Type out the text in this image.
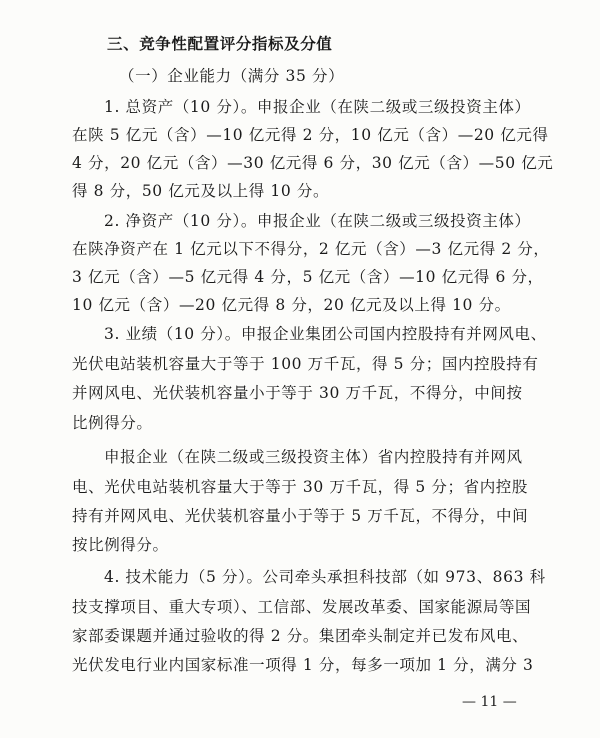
三、竞争性配置评分指标及分值
（一）企业能力（满分 35 分）
1. 总资产（10 分）。申报企业（在陕二级或三级投资主体）
在陕 5 亿元（含）—10 亿元得 2 分，10 亿元（含）—20 亿元得
4 分，20 亿元（含）—30 亿元得 6 分，30 亿元（含）—50 亿元
得 8 分，50 亿元及以上得 10 分。
2. 净资产（10 分）。申报企业（在陕二级或三级投资主体）
在陕净资产在 1 亿元以下不得分，2 亿元（含）—3 亿元得 2 分，
3 亿元（含）—5 亿元得 4 分，5 亿元（含）—10 亿元得 6 分，
10 亿元（含）—20 亿元得 8 分，20 亿元及以上得 10 分。
3. 业绩（10 分）。申报企业集团公司国内控股持有并网风电、
光伏电站装机容量大于等于 100 万千瓦，得 5 分；国内控股持有
并网风电、光伏装机容量小于等于 30 万千瓦，不得分，中间按
比例得分。
申报企业（在陕二级或三级投资主体）省内控股持有并网风
电、光伏电站装机容量大于等于 30 万千瓦，得 5 分；省内控股
持有并网风电、光伏装机容量小于等于 5 万千瓦，不得分，中间
按比例得分。
4. 技术能力（5 分）。公司牵头承担科技部（如 973、863 科
技支撑项目、重大专项）、工信部、发展改革委、国家能源局等国
家部委课题并通过验收的得 2 分。集团牵头制定并已发布风电、
光伏发电行业内国家标准一项得 1 分，每多一项加 1 分，满分 3
— 11 —
